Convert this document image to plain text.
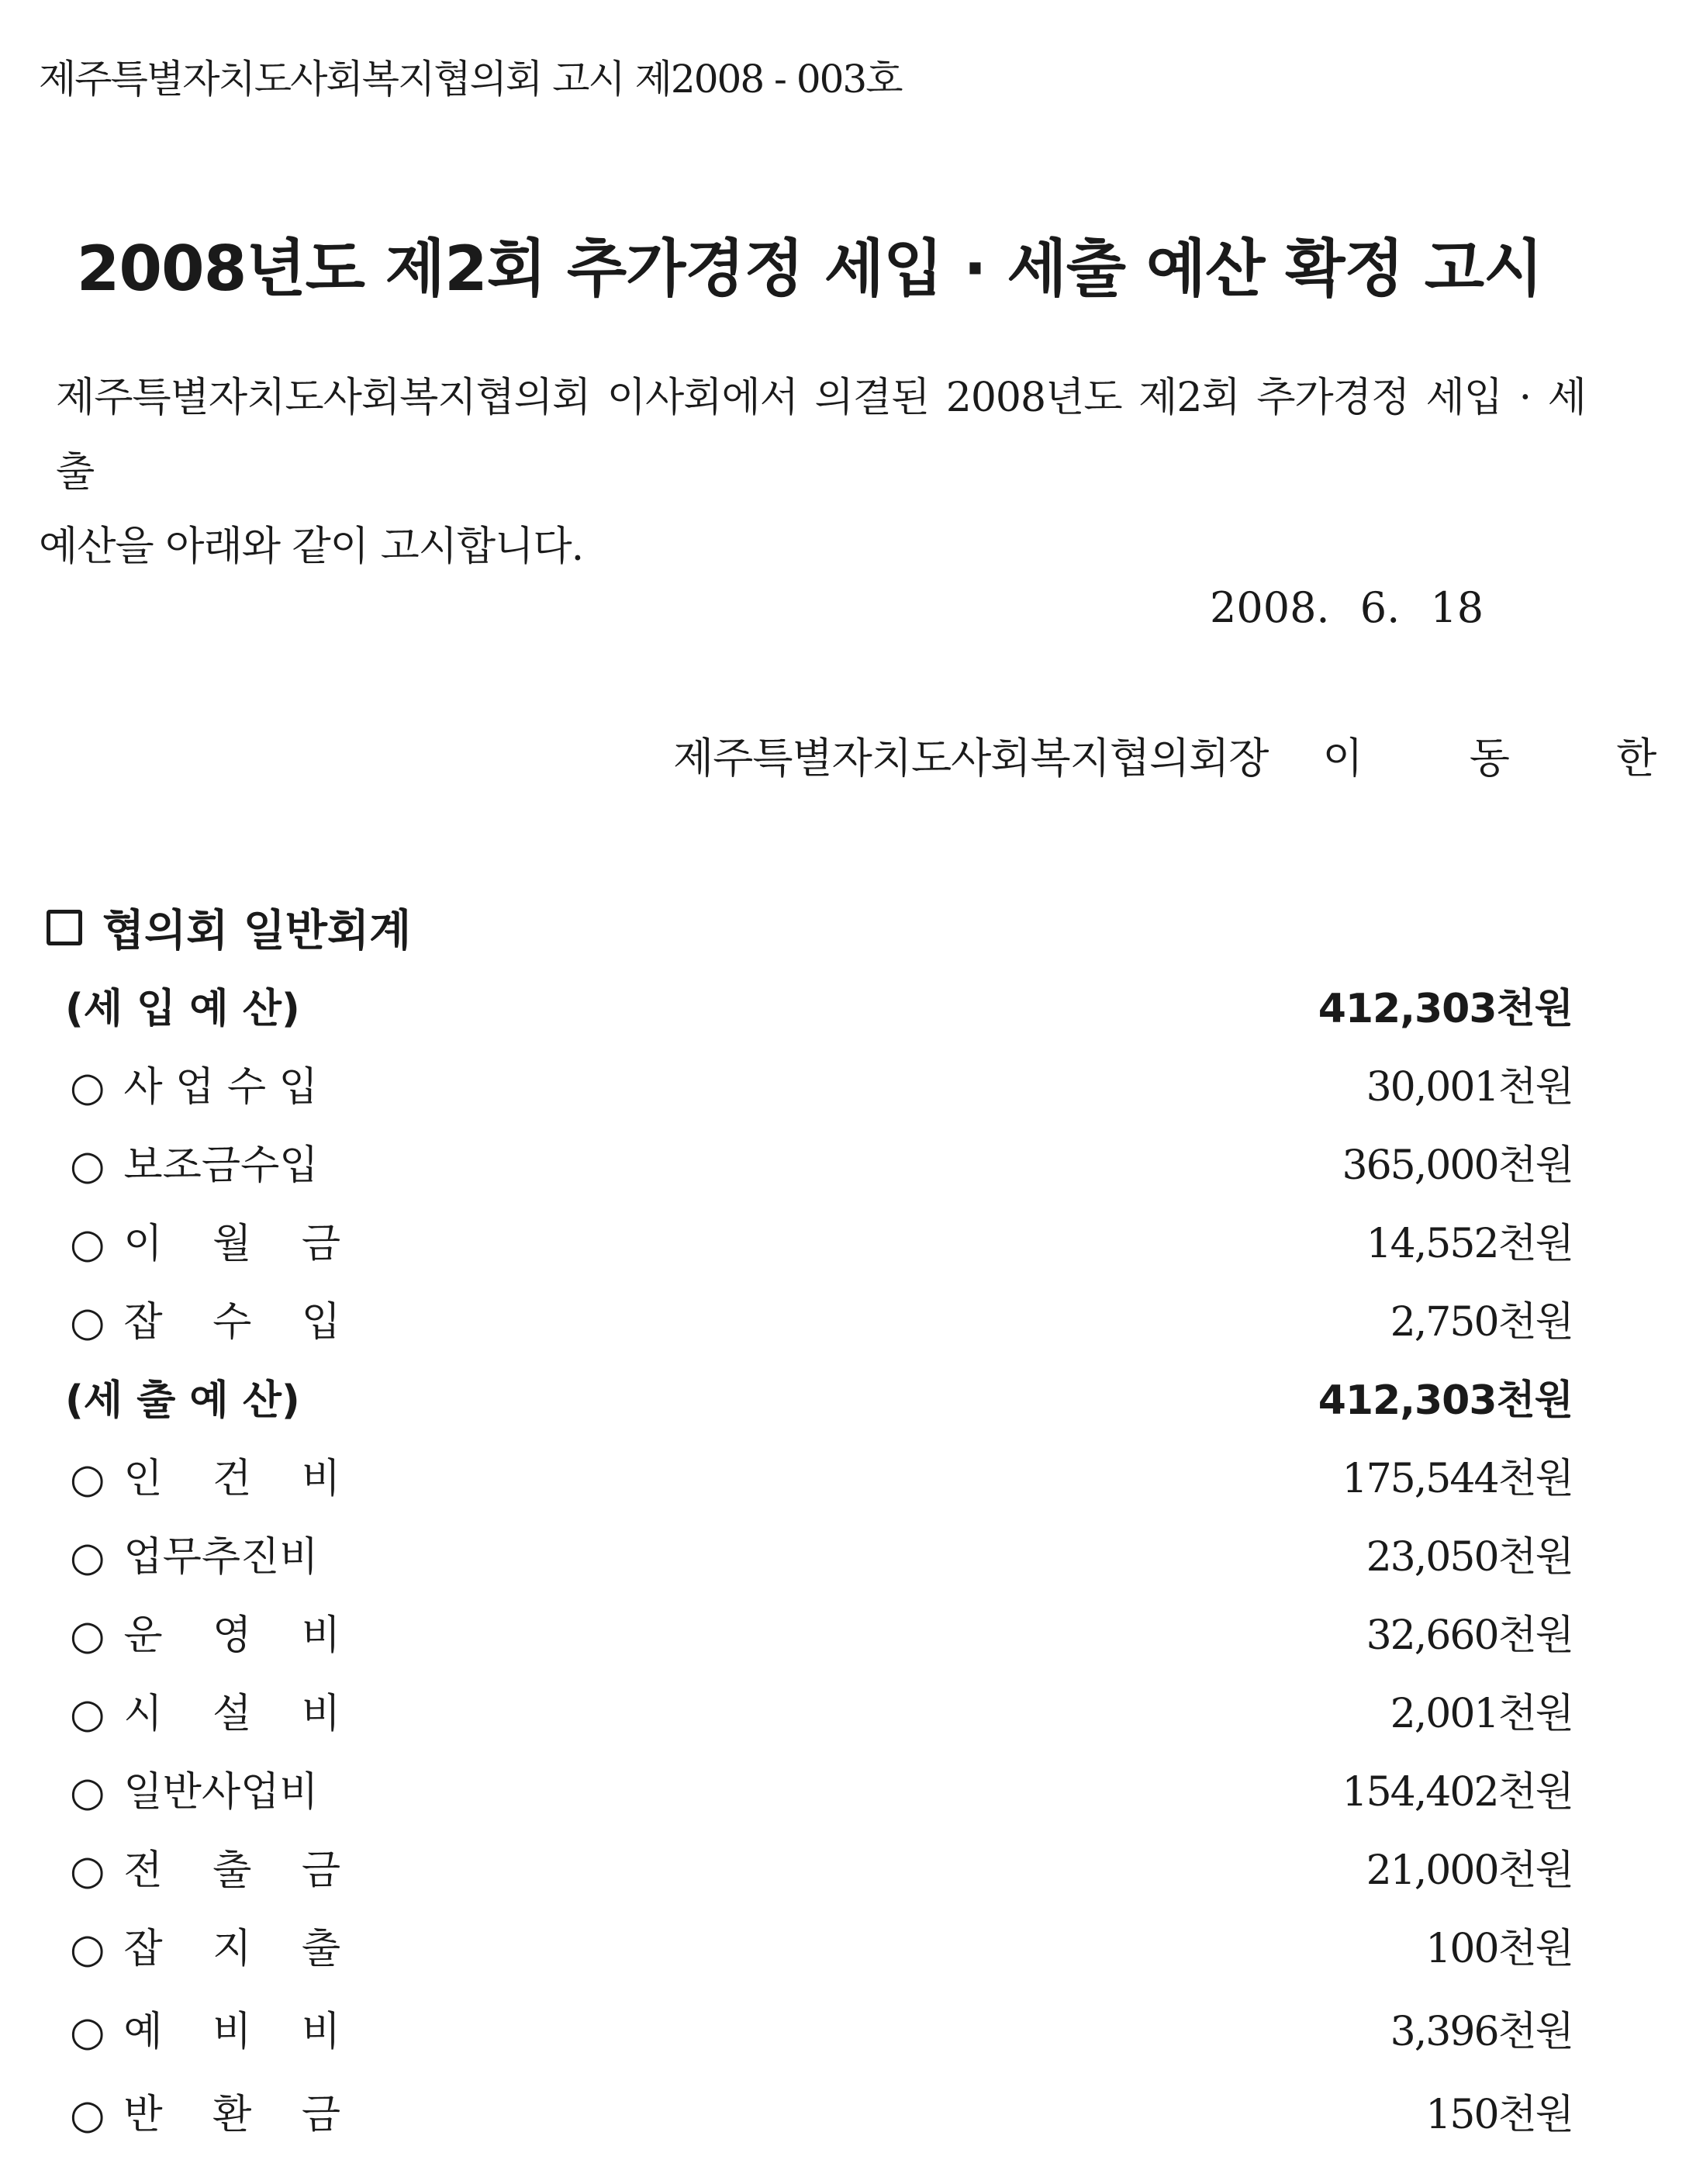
제주특별자치도사회복지협의회 고시 제2008 - 003호
2008년도 제2회 추가경정 세입 · 세출 예산 확정 고시
제주특별자치도사회복지협의회 이사회에서 의결된 2008년도 제2회 추가경정 세입 · 세출
예산을 아래와 같이 고시합니다.
2008. 6. 18
제주특별자치도사회복지협의회장 이 동 한
협의회 일반회계
(세 입 예 산)	412,303천원
○ 사 업 수 입	30,001천원
○ 보조금수입	365,000천원
○ 이 월 금	14,552천원
○ 잡 수 입	2,750천원
(세 출 예 산)	412,303천원
○ 인 건 비	175,544천원
○ 업무추진비	23,050천원
○ 운 영 비	32,660천원
○ 시 설 비	2,001천원
○ 일반사업비	154,402천원
○ 전 출 금	21,000천원
○ 잡 지 출	100천원
○ 예 비 비	3,396천원
○ 반 환 금	150천원
